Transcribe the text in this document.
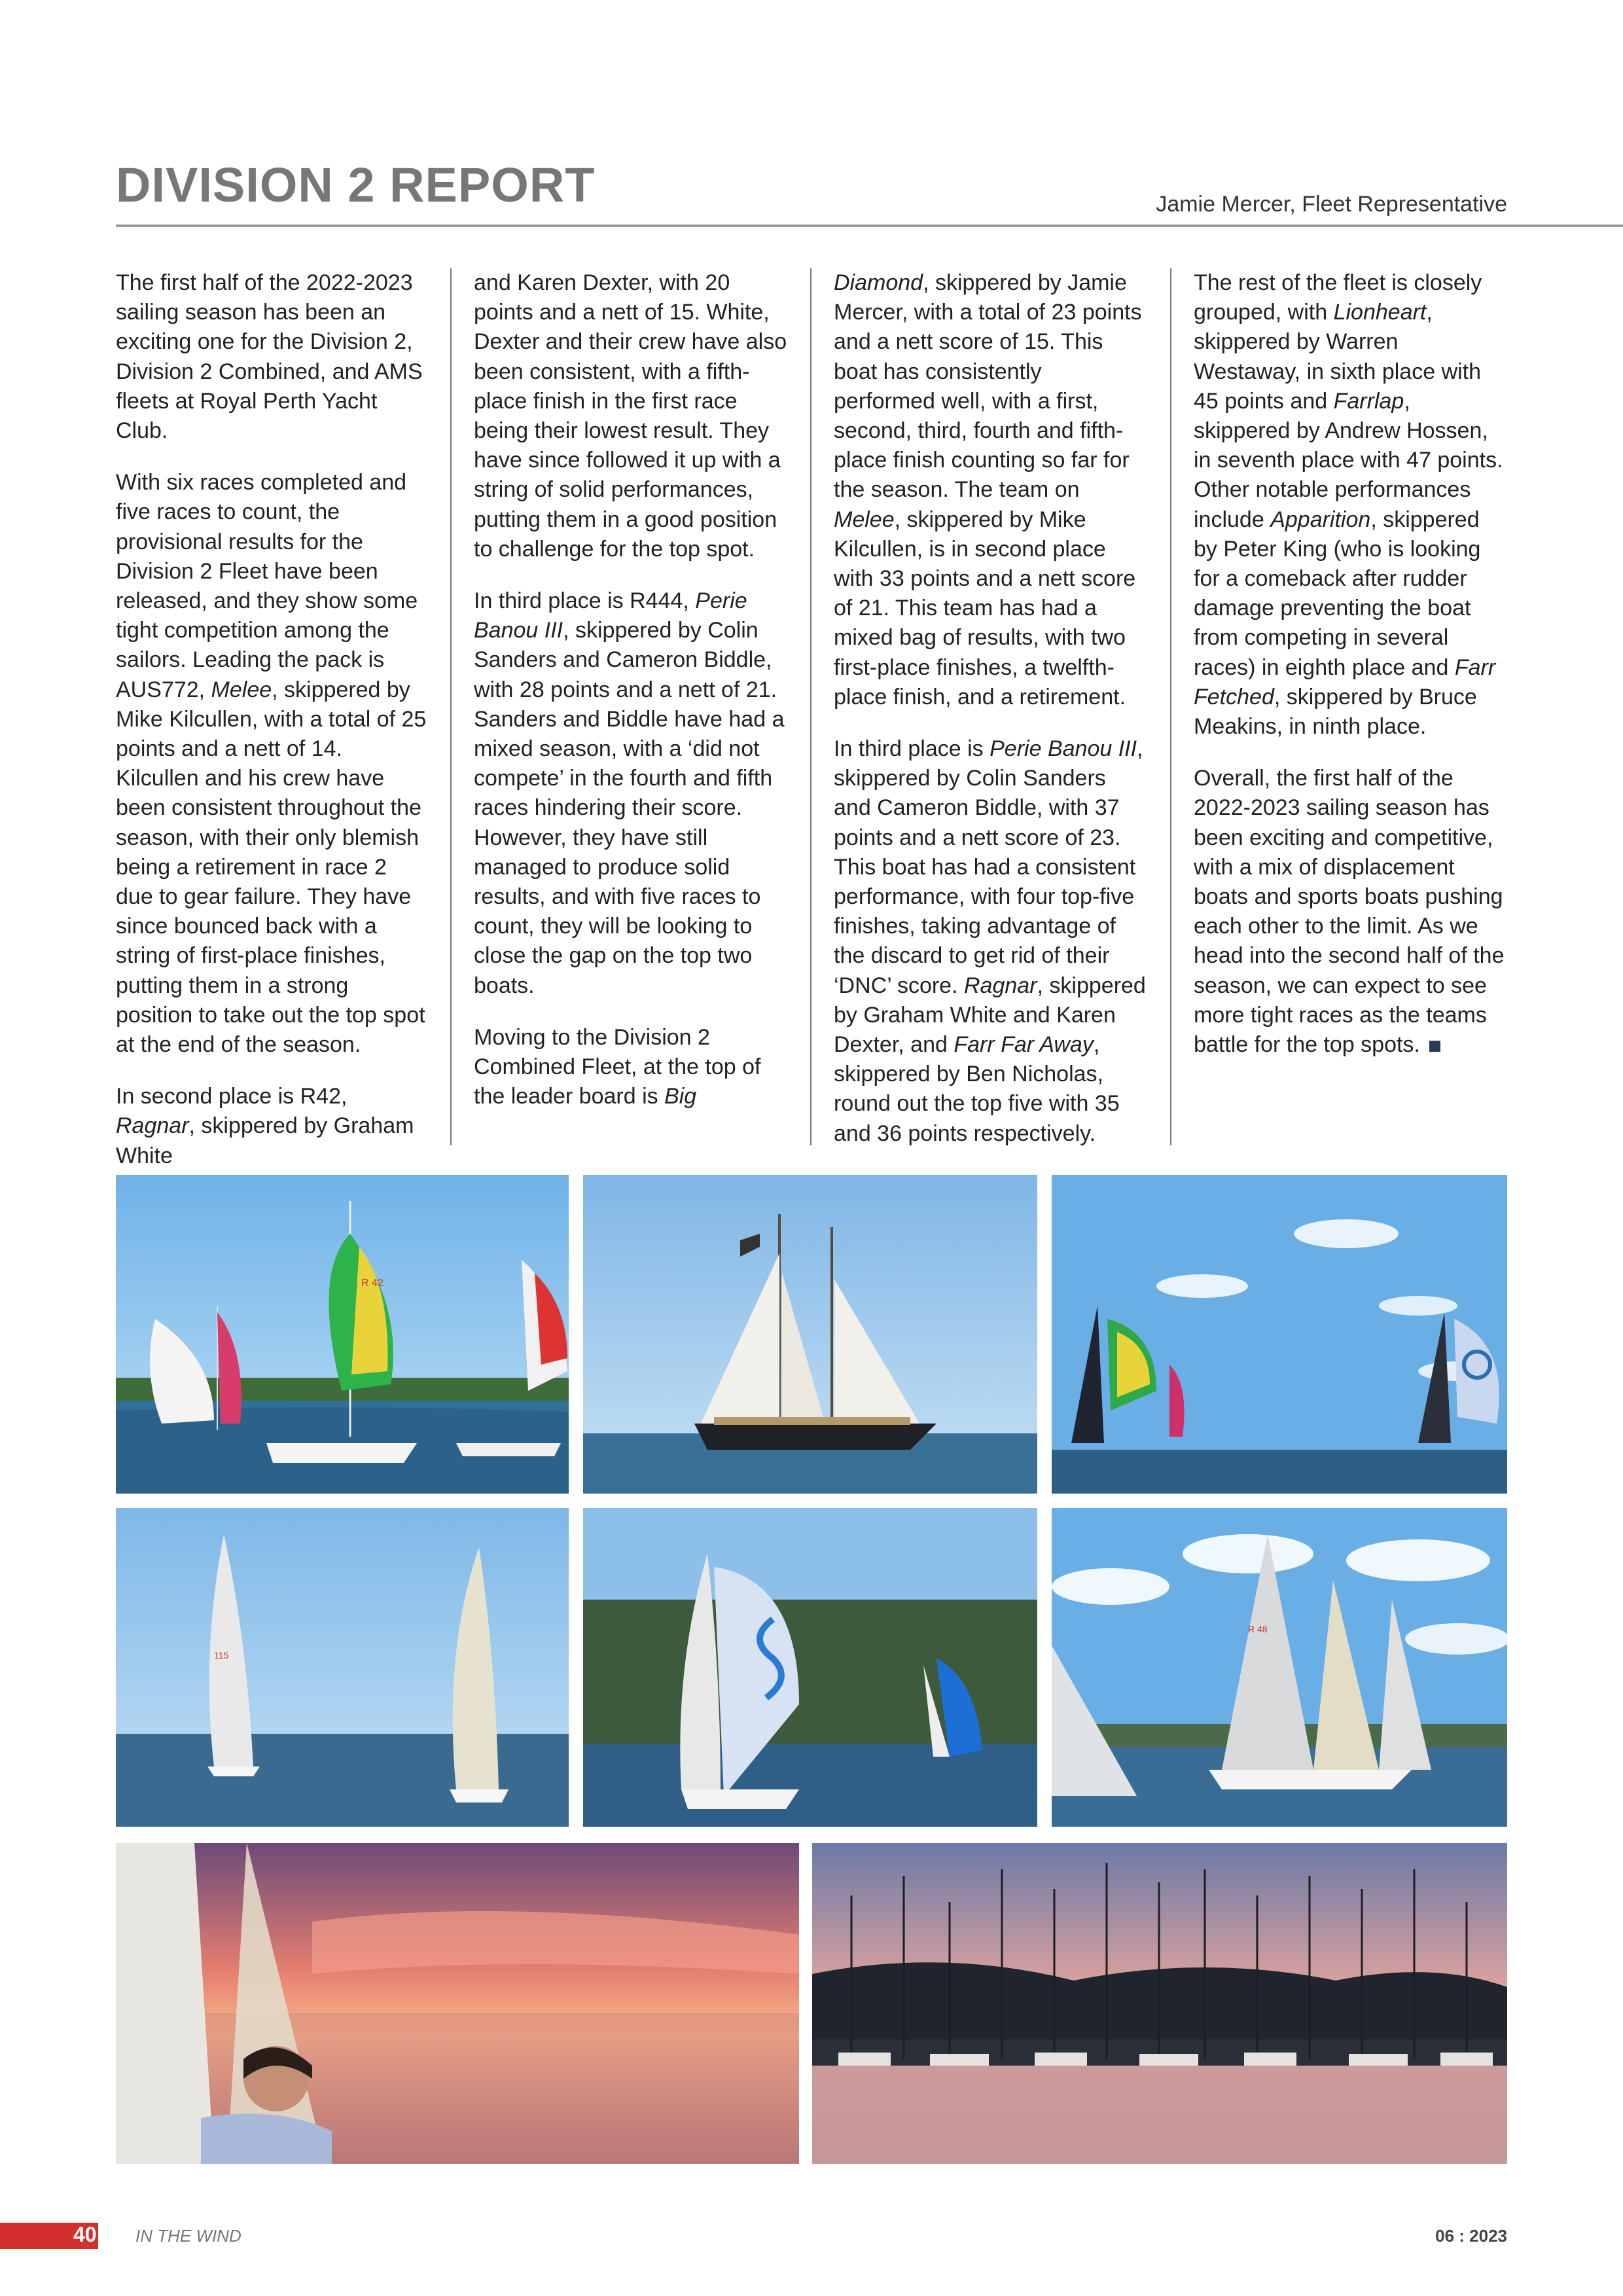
DIVISION 2 REPORT	Jamie Mercer, Fleet Representative

The first half of the 2022-2023 sailing season has been an exciting one for the Division 2, Division 2 Combined, and AMS fleets at Royal Perth Yacht Club.

With six races completed and five races to count, the provisional results for the Division 2 Fleet have been released, and they show some tight competition among the sailors. Leading the pack is AUS772, Melee, skippered by Mike Kilcullen, with a total of 25 points and a nett of 14. Kilcullen and his crew have been consistent throughout the season, with their only blemish being a retirement in race 2 due to gear failure. They have since bounced back with a string of first-place finishes, putting them in a strong position to take out the top spot at the end of the season.

In second place is R42, Ragnar, skippered by Graham White

and Karen Dexter, with 20 points and a nett of 15. White, Dexter and their crew have also been consistent, with a fifth-place finish in the first race being their lowest result. They have since followed it up with a string of solid performances, putting them in a good position to challenge for the top spot.

In third place is R444, Perie Banou III, skippered by Colin Sanders and Cameron Biddle, with 28 points and a nett of 21. Sanders and Biddle have had a mixed season, with a ‘did not compete’ in the fourth and fifth races hindering their score. However, they have still managed to produce solid results, and with five races to count, they will be looking to close the gap on the top two boats.

Moving to the Division 2 Combined Fleet, at the top of the leader board is Big

Diamond, skippered by Jamie Mercer, with a total of 23 points and a nett score of 15. This boat has consistently performed well, with a first, second, third, fourth and fifth-place finish counting so far for the season. The team on Melee, skippered by Mike Kilcullen, is in second place with 33 points and a nett score of 21. This team has had a mixed bag of results, with two first-place finishes, a twelfth-place finish, and a retirement.

In third place is Perie Banou III, skippered by Colin Sanders and Cameron Biddle, with 37 points and a nett score of 23. This boat has had a consistent performance, with four top-five finishes, taking advantage of the discard to get rid of their ‘DNC’ score. Ragnar, skippered by Graham White and Karen Dexter, and Farr Far Away, skippered by Ben Nicholas, round out the top five with 35 and 36 points respectively.

The rest of the fleet is closely grouped, with Lionheart, skippered by Warren Westaway, in sixth place with 45 points and Farrlap, skippered by Andrew Hossen, in seventh place with 47 points. Other notable performances include Apparition, skippered by Peter King (who is looking for a comeback after rudder damage preventing the boat from competing in several races) in eighth place and Farr Fetched, skippered by Bruce Meakins, in ninth place.

Overall, the first half of the 2022-2023 sailing season has been exciting and competitive, with a mix of displacement boats and sports boats pushing each other to the limit. As we head into the second half of the season, we can expect to see more tight races as the teams battle for the top spots.

R 42
115
R 48
40 IN THE WIND	06 : 2023
